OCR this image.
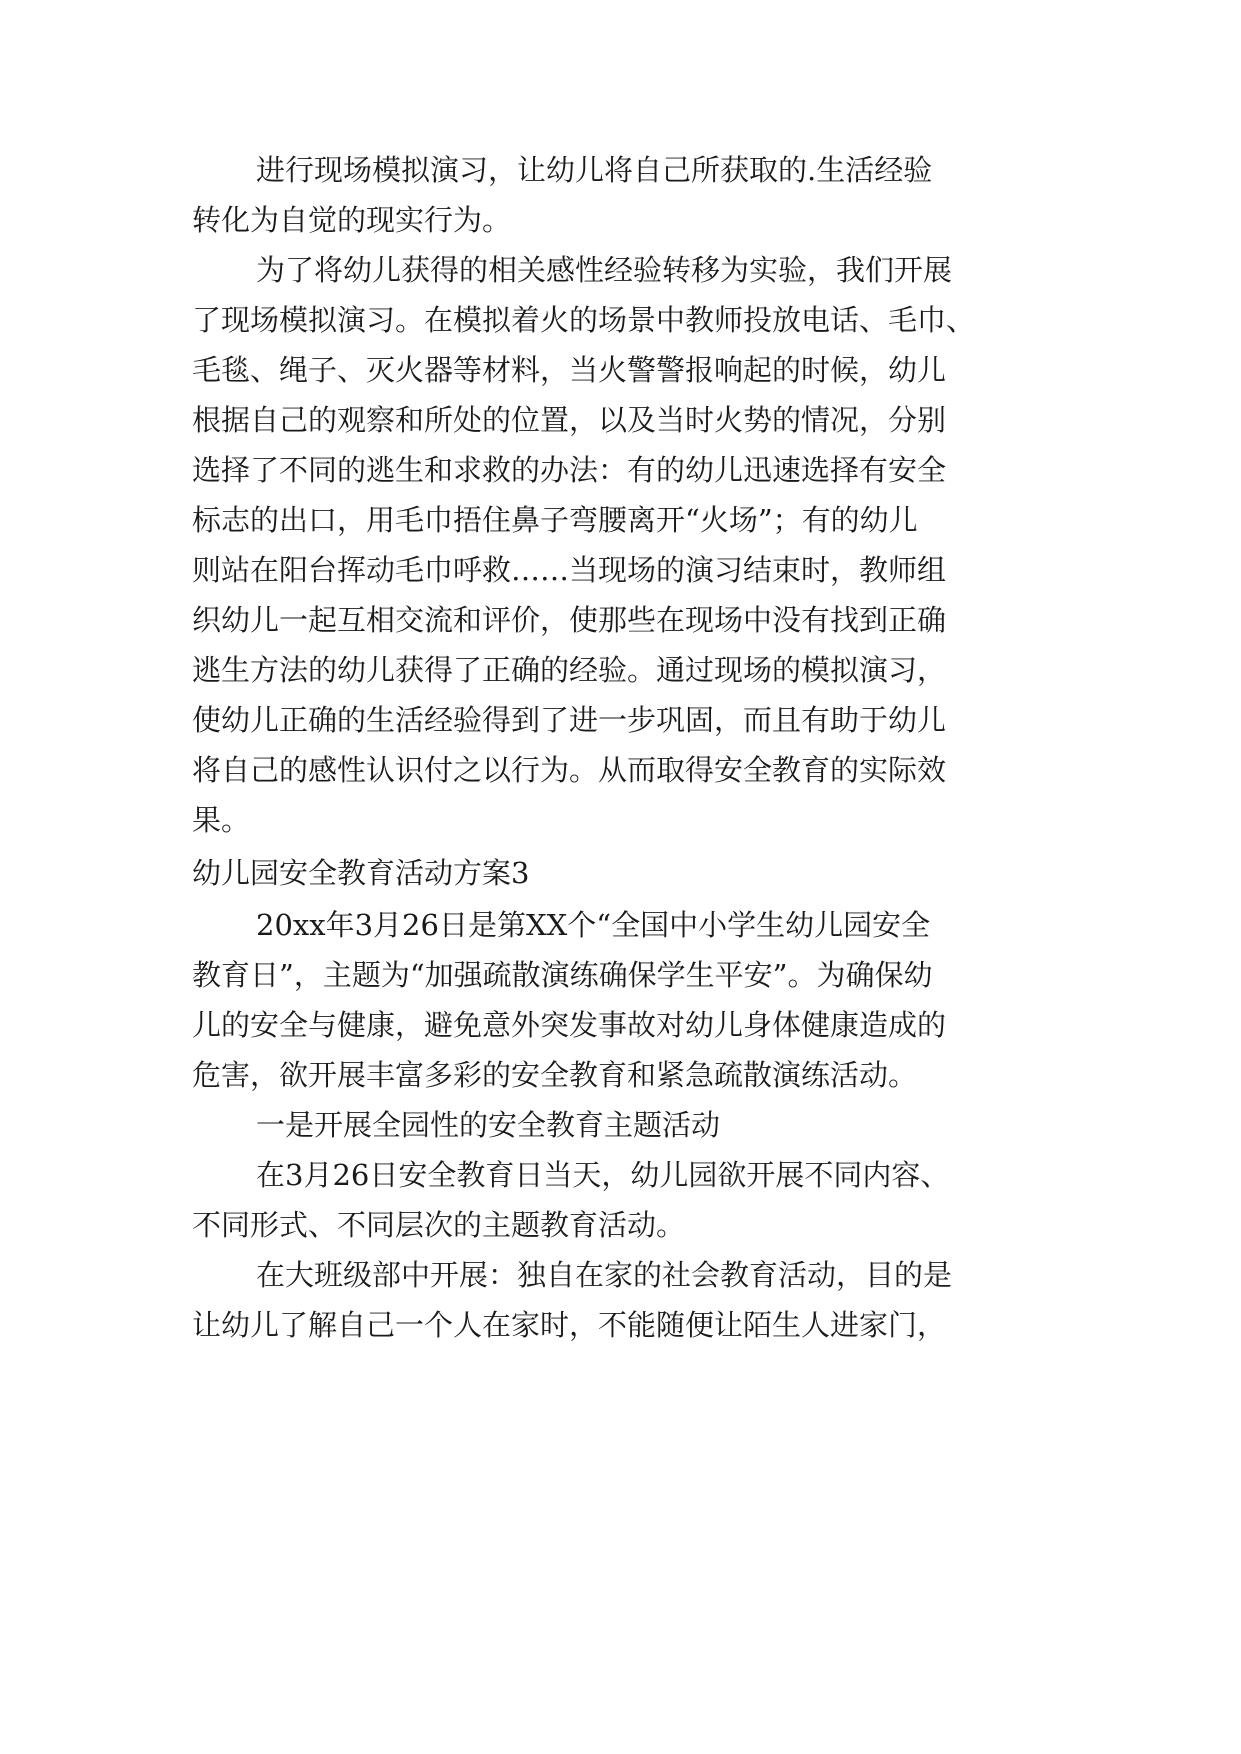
进行现场模拟演习，让幼儿将自己所获取的.生活经验
转化为自觉的现实行为。
为了将幼儿获得的相关感性经验转移为实验，我们开展
了现场模拟演习。在模拟着火的场景中教师投放电话、毛巾、
毛毯、绳子、灭火器等材料，当火警警报响起的时候，幼儿
根据自己的观察和所处的位置，以及当时火势的情况，分别
选择了不同的逃生和求救的办法：有的幼儿迅速选择有安全
标志的出口，用毛巾捂住鼻子弯腰离开“火场”；有的幼儿
则站在阳台挥动毛巾呼救……当现场的演习结束时，教师组
织幼儿一起互相交流和评价，使那些在现场中没有找到正确
逃生方法的幼儿获得了正确的经验。通过现场的模拟演习，
使幼儿正确的生活经验得到了进一步巩固，而且有助于幼儿
将自己的感性认识付之以行为。从而取得安全教育的实际效
果。
幼儿园安全教育活动方案3
20xx年3月26日是第XX个“全国中小学生幼儿园安全
教育日”，主题为“加强疏散演练确保学生平安”。为确保幼
儿的安全与健康，避免意外突发事故对幼儿身体健康造成的
危害，欲开展丰富多彩的安全教育和紧急疏散演练活动。
一是开展全园性的安全教育主题活动
在3月26日安全教育日当天，幼儿园欲开展不同内容、
不同形式、不同层次的主题教育活动。
在大班级部中开展：独自在家的社会教育活动，目的是
让幼儿了解自己一个人在家时，不能随便让陌生人进家门，
